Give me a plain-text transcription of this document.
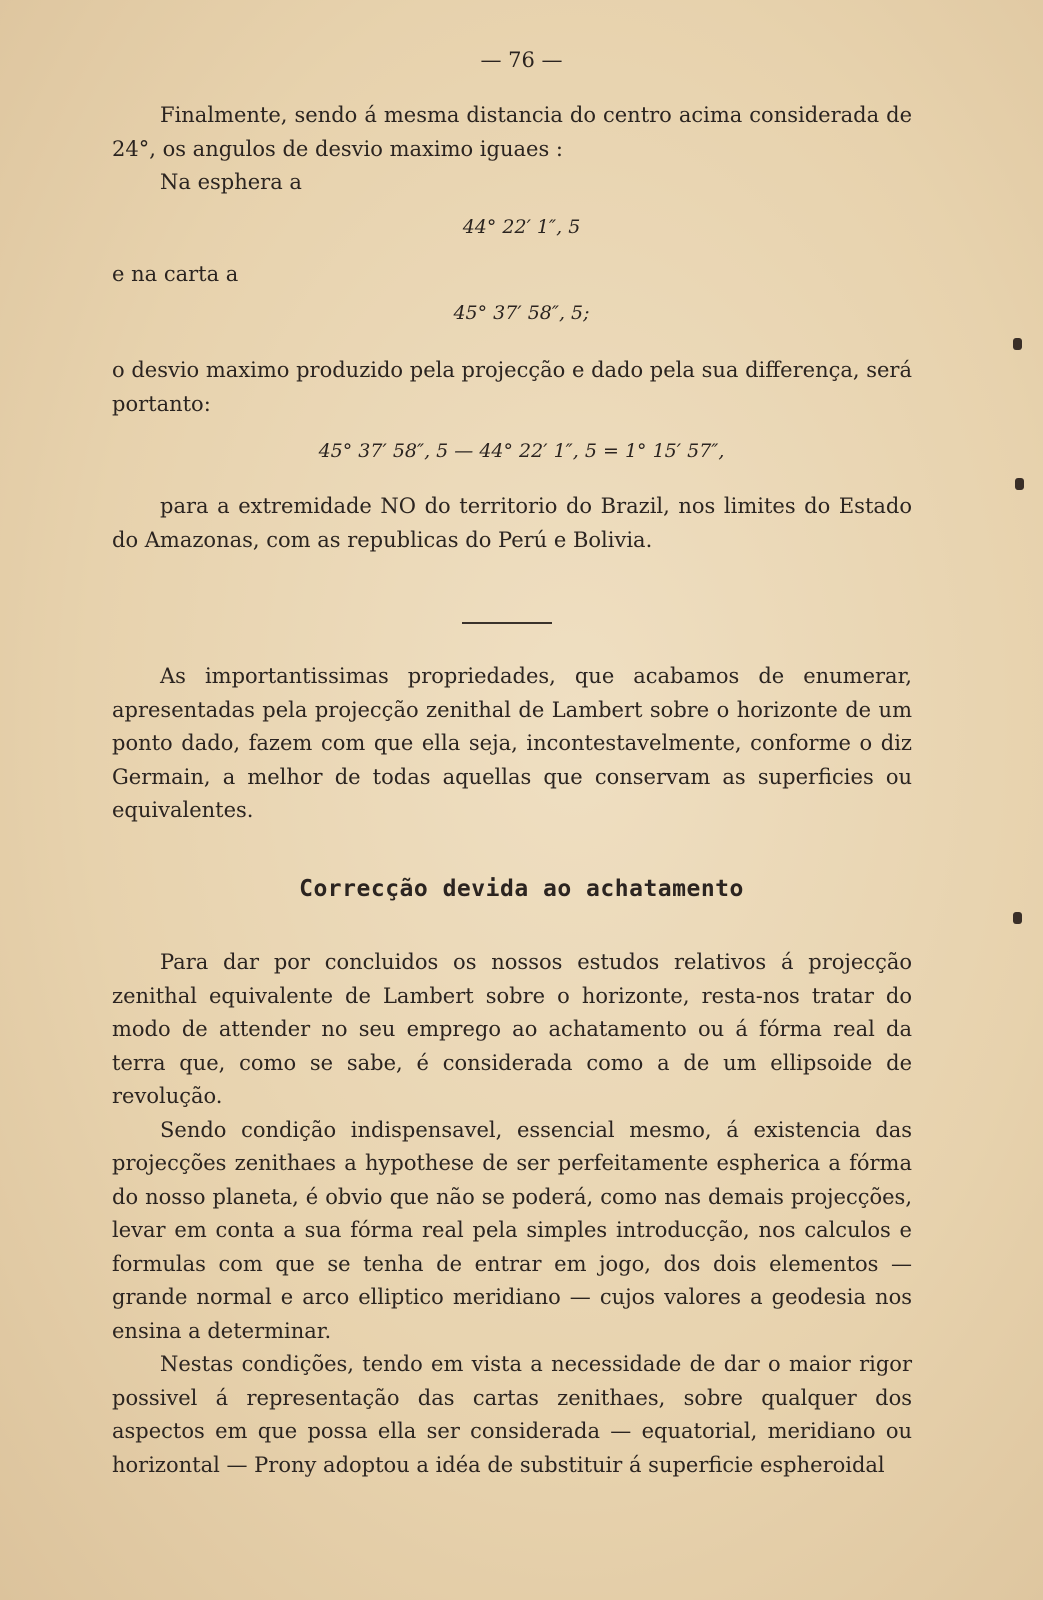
— 76 —

Finalmente, sendo á mesma distancia do centro acima considerada de 24°, os angulos de desvio maximo iguaes :

Na esphera a

44° 22′ 1″, 5

e na carta a

45° 37′ 58″, 5;

o desvio maximo produzido pela projecção e dado pela sua differença, será portanto:

45° 37′ 58″, 5 — 44° 22′ 1″, 5 = 1° 15′ 57″,

para a extremidade NO do territorio do Brazil, nos limites do Estado do Amazonas, com as republicas do Perú e Bolivia.

As importantissimas propriedades, que acabamos de enumerar, apresentadas pela projecção zenithal de Lambert sobre o horizonte de um ponto dado, fazem com que ella seja, incontestavelmente, conforme o diz Germain, a melhor de todas aquellas que conservam as superficies ou equivalentes.

Correcção devida ao achatamento

Para dar por concluidos os nossos estudos relativos á projecção zenithal equivalente de Lambert sobre o horizonte, resta-nos tratar do modo de attender no seu emprego ao achatamento ou á fórma real da terra que, como se sabe, é considerada como a de um ellipsoide de revolução.

Sendo condição indispensavel, essencial mesmo, á existencia das projecções zenithaes a hypothese de ser perfeitamente espherica a fórma do nosso planeta, é obvio que não se poderá, como nas demais projecções, levar em conta a sua fórma real pela simples introducção, nos calculos e formulas com que se tenha de entrar em jogo, dos dois elementos — grande normal e arco elliptico meridiano — cujos valores a geodesia nos ensina a determinar.

Nestas condições, tendo em vista a necessidade de dar o maior rigor possivel á representação das cartas zenithaes, sobre qualquer dos aspectos em que possa ella ser considerada — equatorial, meridiano ou horizontal — Prony adoptou a idéa de substituir á superficie espheroidal
